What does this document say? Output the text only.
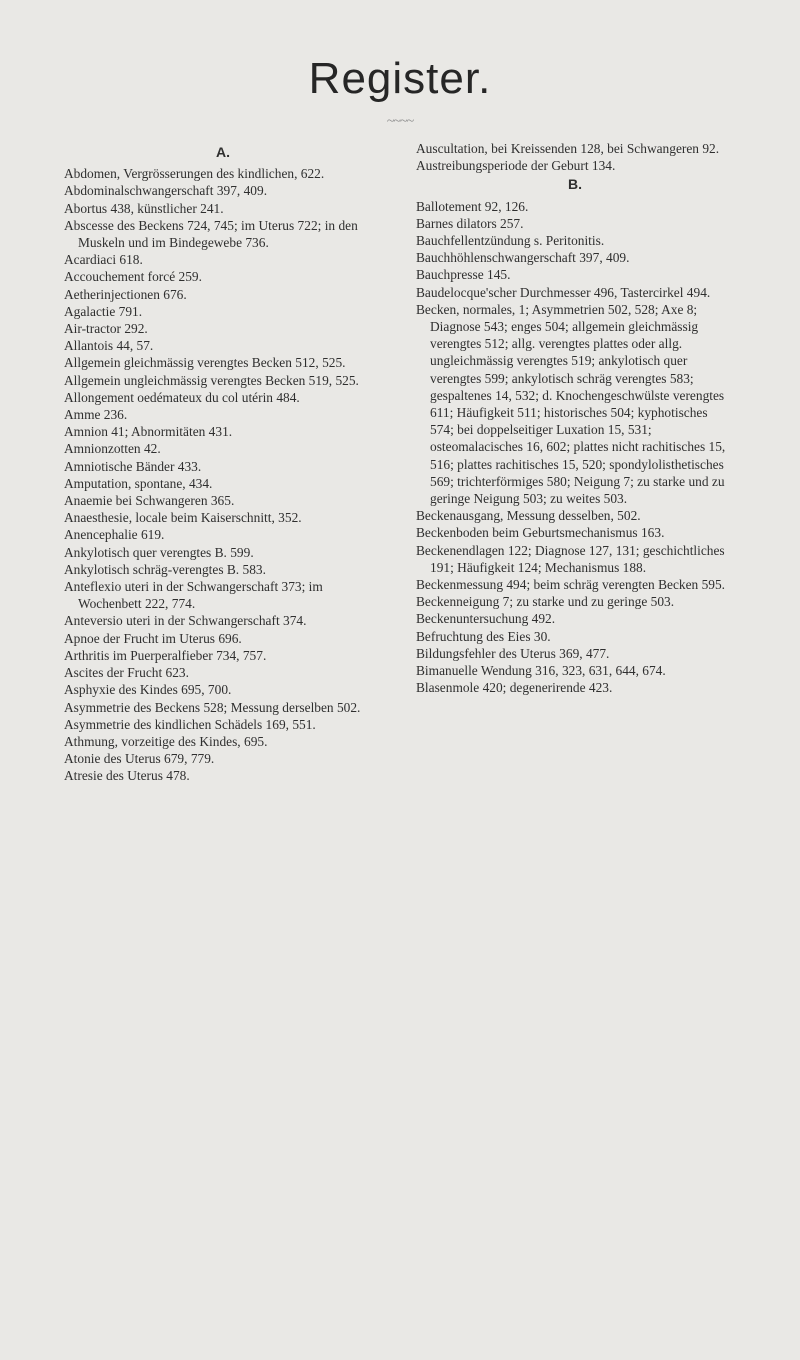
Register.
~~~~
A.

Abdomen, Vergrösserungen des kindlichen, 622.

Abdominalschwangerschaft 397, 409.

Abortus 438, künstlicher 241.

Abscesse des Beckens 724, 745; im Uterus 722; in den Muskeln und im Bindegewebe 736.

Acardiaci 618.

Accouchement forcé 259.

Aetherinjectionen 676.

Agalactie 791.

Air-tractor 292.

Allantois 44, 57.

Allgemein gleichmässig verengtes Becken 512, 525.

Allgemein ungleichmässig verengtes Becken 519, 525.

Allongement oedémateux du col utérin 484.

Amme 236.

Amnion 41; Abnormitäten 431.

Amnionzotten 42.

Amniotische Bänder 433.

Amputation, spontane, 434.

Anaemie bei Schwangeren 365.

Anaesthesie, locale beim Kaiserschnitt, 352.

Anencephalie 619.

Ankylotisch quer verengtes B. 599.

Ankylotisch schräg-verengtes B. 583.

Anteflexio uteri in der Schwangerschaft 373; im Wochenbett 222, 774.

Anteversio uteri in der Schwangerschaft 374.

Apnoe der Frucht im Uterus 696.

Arthritis im Puerperalfieber 734, 757.

Ascites der Frucht 623.

Asphyxie des Kindes 695, 700.

Asymmetrie des Beckens 528; Messung derselben 502.

Asymmetrie des kindlichen Schädels 169, 551.

Athmung, vorzeitige des Kindes, 695.

Atonie des Uterus 679, 779.

Atresie des Uterus 478.

Auscultation, bei Kreissenden 128, bei Schwangeren 92.

Austreibungsperiode der Geburt 134.

B.

Ballotement 92, 126.

Barnes dilators 257.

Bauchfellentzündung s. Peritonitis.

Bauchhöhlenschwangerschaft 397, 409.

Bauchpresse 145.

Baudelocque'scher Durchmesser 496, Tastercirkel 494.

Becken, normales, 1; Asymmetrien 502, 528; Axe 8; Diagnose 543; enges 504; allgemein gleichmässig verengtes 512; allg. verengtes plattes oder allg. ungleichmässig verengtes 519; ankylotisch quer verengtes 599; ankylotisch schräg verengtes 583; gespaltenes 14, 532; d. Knochengeschwülste verengtes 611; Häufigkeit 511; historisches 504; kyphotisches 574; bei doppelseitiger Luxation 15, 531; osteomalacisches 16, 602; plattes nicht rachitisches 15, 516; plattes rachitisches 15, 520; spondylolisthetisches 569; trichterförmiges 580; Neigung 7; zu starke und zu geringe Neigung 503; zu weites 503.

Beckenausgang, Messung desselben, 502.

Beckenboden beim Geburtsmechanismus 163.

Beckenendlagen 122; Diagnose 127, 131; geschichtliches 191; Häufigkeit 124; Mechanismus 188.

Beckenmessung 494; beim schräg verengten Becken 595.

Beckenneigung 7; zu starke und zu geringe 503.

Beckenuntersuchung 492.

Befruchtung des Eies 30.

Bildungsfehler des Uterus 369, 477.

Bimanuelle Wendung 316, 323, 631, 644, 674.

Blasenmole 420; degenerirende 423.
